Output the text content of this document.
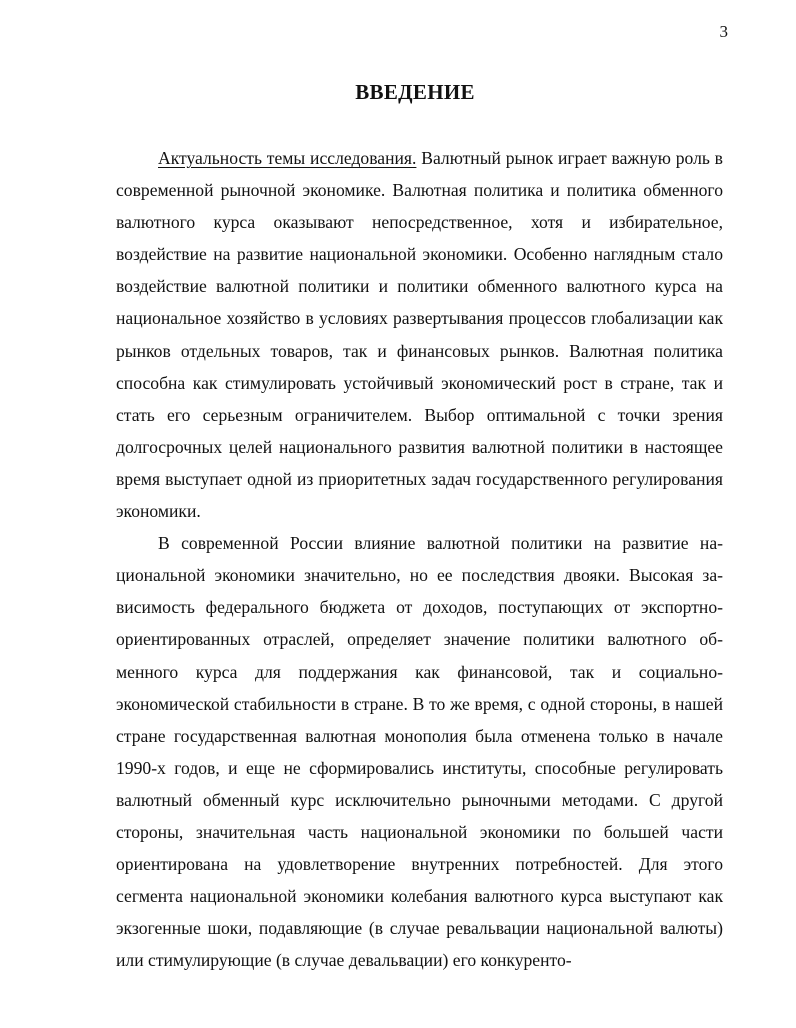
3
ВВЕДЕНИЕ

Актуальность темы исследования. Валютный рынок играет важную роль в современной рыночной экономике. Валютная политика и политика обменного валютного курса оказывают непосредственное, хотя и избирательное, воздействие на развитие национальной экономики. Особенно наглядным стало воздействие валютной политики и политики обменного валютного курса на национальное хозяйство в условиях развертывания процессов глобализации как рынков отдельных товаров, так и финансовых рынков. Валютная политика способна как стимулировать устойчивый экономический рост в стране, так и стать его серьезным ограничителем. Выбор оптимальной с точки зрения долгосрочных целей национального развития валютной политики в настоящее время выступает одной из приоритетных задач государственного регулирования экономики.

В современной России влияние валютной политики на развитие национальной экономики значительно, но ее последствия двояки. Высокая зависимость федерального бюджета от доходов, поступающих от экспортно-ориентированных отраслей, определяет значение политики валютного обменного курса для поддержания как финансовой, так и социально-экономической стабильности в стране. В то же время, с одной стороны, в нашей стране государственная валютная монополия была отменена только в начале 1990-х годов, и еще не сформировались институты, способные регулировать валютный обменный курс исключительно рыночными методами. С другой стороны, значительная часть национальной экономики по большей части ориентирована на удовлетворение внутренних потребностей. Для этого сегмента национальной экономики колебания валютного курса выступают как экзогенные шоки, подавляющие (в случае ревальвации национальной валюты) или стимулирующие (в случае девальвации) его конкуренто-
